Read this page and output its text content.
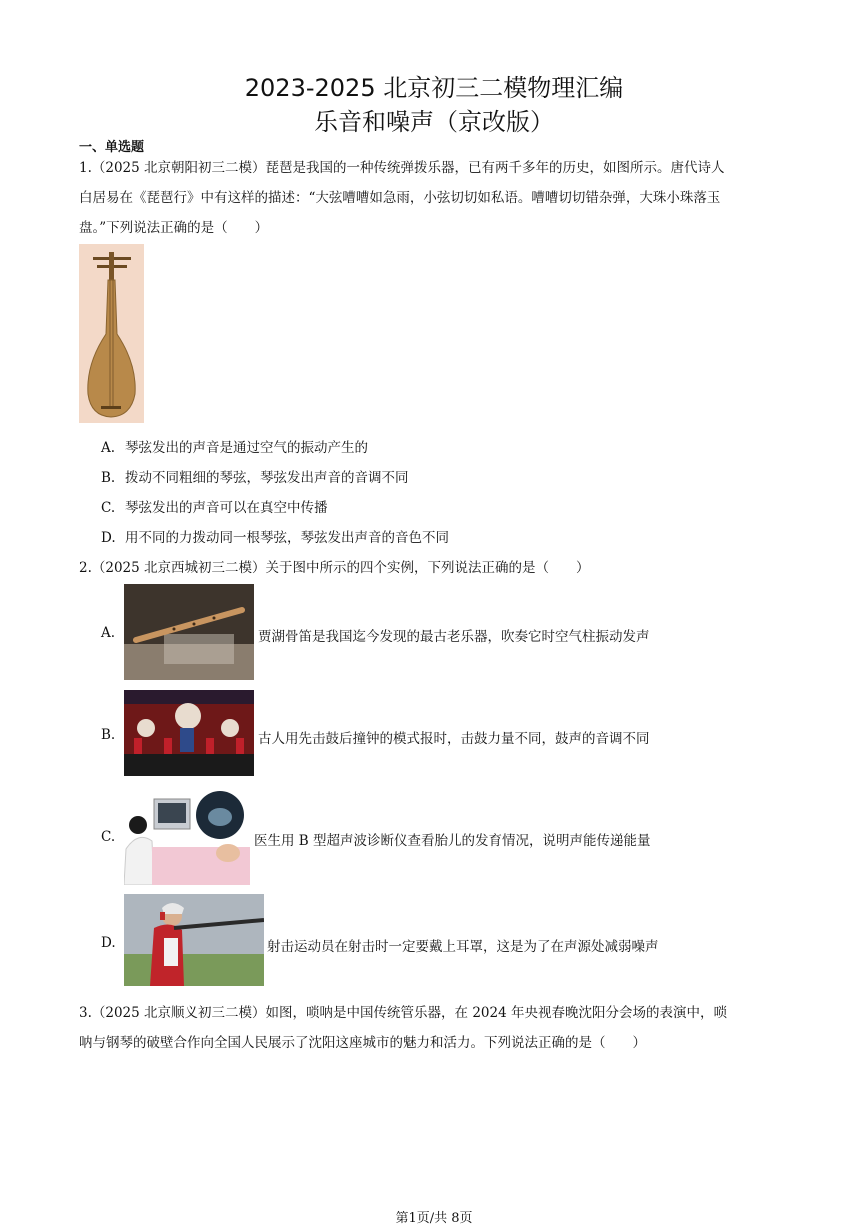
2023-2025 北京初三二模物理汇编
乐音和噪声（京改版）
一、单选题
1.（2025 北京朝阳初三二模）琵琶是我国的一种传统弹拨乐器，已有两千多年的历史，如图所示。唐代诗人
白居易在《琵琶行》中有这样的描述：“大弦嘈嘈如急雨，小弦切切如私语。嘈嘈切切错杂弹，大珠小珠落玉
盘。”下列说法正确的是（　　）
A. 琴弦发出的声音是通过空气的振动产生的
B. 拨动不同粗细的琴弦，琴弦发出声音的音调不同
C. 琴弦发出的声音可以在真空中传播
D. 用不同的力拨动同一根琴弦，琴弦发出声音的音色不同
2.（2025 北京西城初三二模）关于图中所示的四个实例，下列说法正确的是（　　）
A.	贾湖骨笛是我国迄今发现的最古老乐器，吹奏它时空气柱振动发声
B.	古人用先击鼓后撞钟的模式报时，击鼓力量不同，鼓声的音调不同
C.	医生用 B 型超声波诊断仪查看胎儿的发育情况，说明声能传递能量
D.	射击运动员在射击时一定要戴上耳罩，这是为了在声源处减弱噪声
3.（2025 北京顺义初三二模）如图，唢呐是中国传统管乐器，在 2024 年央视春晚沈阳分会场的表演中，唢
呐与钢琴的破壁合作向全国人民展示了沈阳这座城市的魅力和活力。下列说法正确的是（　　）
第1页/共 8页
